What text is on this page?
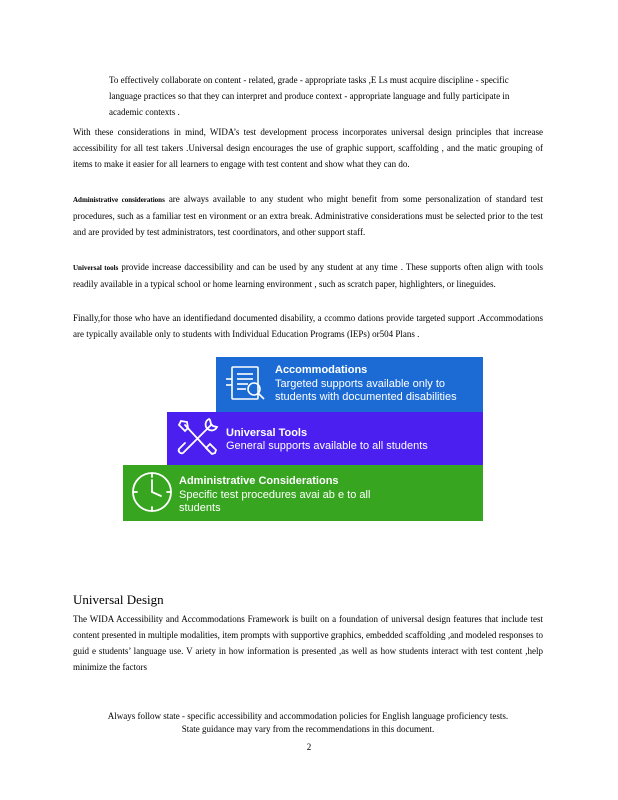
To effectively collaborate on content - related, grade - appropriate tasks ,E Ls must acquire discipline - specific language practices so that they can interpret and produce context - appropriate language and fully participate in academic contexts .

With these considerations in mind, WIDA’s test development process incorporates universal design principles that increase accessibility for all test takers .Universal design encourages the use of graphic support, scaffolding , and the matic grouping of items to make it easier for all learners to engage with test content and show what they can do.

Administrative considerations are always available to any student who might benefit from some personalization of standard test procedures, such as a familiar test en vironment or an extra break. Administrative considerations must be selected prior to the test and are provided by test administrators, test coordinators, and other support staff.

Universal tools provide increase daccessibility and can be used by any student at any time . These supports often align with tools readily available in a typical school or home learning environment , such as scratch paper, highlighters, or lineguides.

Finally,for those who have an identifiedand documented disability, a ccommo dations provide targeted support .Accommodations are typically available only to students with Individual Education Programs (IEPs) or504 Plans .

Accommodations
Targeted supports available only to students with documented disabilities
Universal Tools
General supports available to all students
Administrative Considerations
Specific test procedures avai ab e to all students
Universal Design

The WIDA Accessibility and Accommodations Framework is built on a foundation of universal design features that include test content presented in multiple modalities, item prompts with supportive graphics, embedded scaffolding ,and modeled responses to guid e students’ language use. V ariety in how information is presented ,as well as how students interact with test content ,help minimize the factors

Always follow state - specific accessibility and accommodation policies for English language proficiency tests.
State guidance may vary from the recommendations in this document.
2
